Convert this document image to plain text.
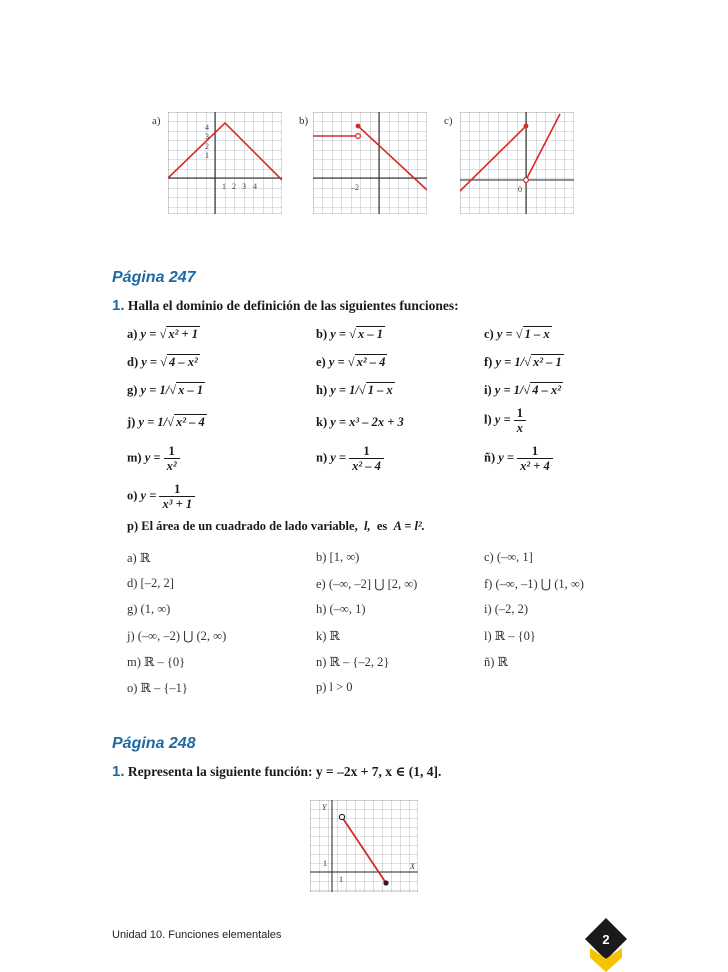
a)
4
3
2
1
1 2 3 4
b)
–2
c)
0
Página 247
1. Halla el dominio de definición de las siguientes funciones:
a) y = √ x² + 1	b) y = √ x – 1	c) y = √ 1 – x
d) y = √ 4 – x²	e) y = √ x² – 4	f) y = 1/√ x² – 1
g) y = 1/√ x – 1	h) y = 1/√ 1 – x	i) y = 1/√ 4 – x²
j) y = 1/√ x² – 4	k) y = x³ – 2x + 3	l) $y = \frac{1}{x}$
m) $y = \frac{1}{\text{x²}}$	n) $y = \frac{1}{\text{x² – 4}}$	ñ) $y = \frac{1}{\text{x² + 4}}$
o) $y = \frac{1}{\text{x³ + 1}}$
p) El área de un cuadrado de lado variable, l, es A = l².
a) ℝ	b) [1, ∞)	c) (–∞, 1]
d) [–2, 2]	e) (–∞, –2] ⋃ [2, ∞)	f) (–∞, –1) ⋃ (1, ∞)
g) (1, ∞)	h) (–∞, 1)	i) (–2, 2)
j) (–∞, –2) ⋃ (2, ∞)	k) ℝ	l) ℝ – {0}
m) ℝ – {0}	n) ℝ – {–2, 2}	ñ) ℝ
o) ℝ – {–1}	p) l > 0
Página 248
1. Representa la siguiente función: y = –2x + 7, x ∈ (1, 4].
Y
X
1
1
Unidad 10. Funciones elementales	2
